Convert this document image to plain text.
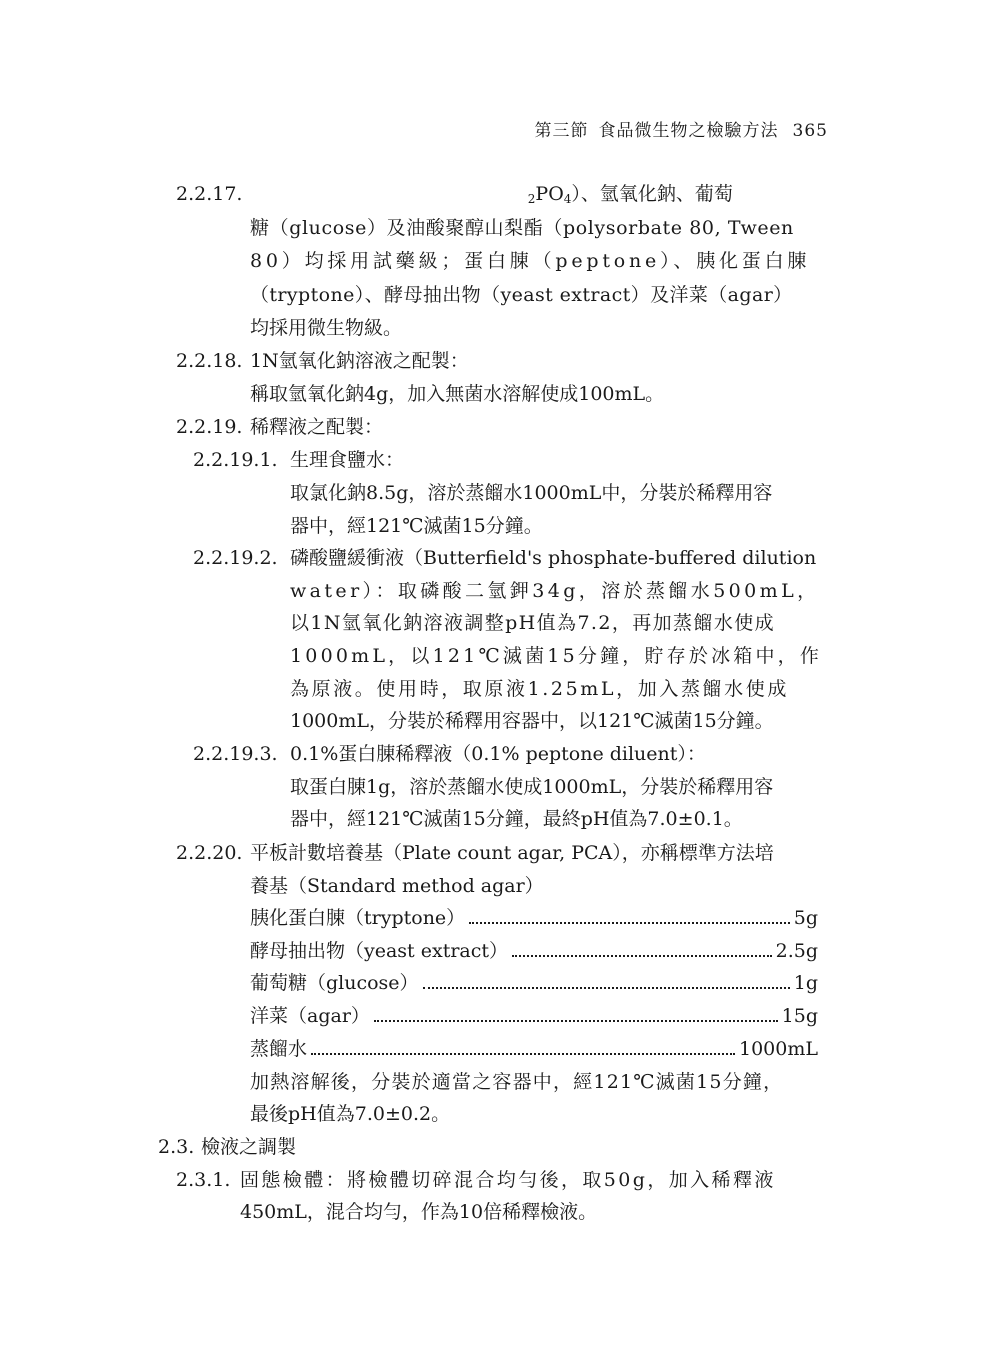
第三節 食品微生物之檢驗方法 365
2.2.17.	$_2PO_4$）、氫氧化鈉、葡萄
糖（glucose）及油酸聚醇山梨酯（polysorbate 80, Tween
80）均採用試藥級；蛋白腖（peptone）、胰化蛋白腖
（tryptone）、酵母抽出物（yeast extract）及洋菜（agar）
均採用微生物級。
2.2.18. 1N氫氧化鈉溶液之配製：
稱取氫氧化鈉4g，加入無菌水溶解使成100mL。
2.2.19. 稀釋液之配製：
2.2.19.1. 生理食鹽水：
取氯化鈉8.5g，溶於蒸餾水1000mL中，分裝於稀釋用容
器中，經121℃滅菌15分鐘。
2.2.19.2. 磷酸鹽緩衝液（Butterfield's phosphate-buffered dilution
water）：取磷酸二氫鉀34g，溶於蒸餾水500mL，
以1N氫氧化鈉溶液調整pH值為7.2，再加蒸餾水使成
1000mL，以121℃滅菌15分鐘，貯存於冰箱中，作
為原液。使用時，取原液1.25mL，加入蒸餾水使成
1000mL，分裝於稀釋用容器中，以121℃滅菌15分鐘。
2.2.19.3. 0.1%蛋白腖稀釋液（0.1% peptone diluent）：
取蛋白腖1g，溶於蒸餾水使成1000mL，分裝於稀釋用容
器中，經121℃滅菌15分鐘，最終pH值為7.0±0.1。
2.2.20. 平板計數培養基（Plate count agar, PCA），亦稱標準方法培
養基（Standard method agar）
胰化蛋白腖（tryptone）	5g
酵母抽出物（yeast extract）	2.5g
葡萄糖（glucose）	1g
洋菜（agar）	15g
蒸餾水	1000mL
加熱溶解後，分裝於適當之容器中，經121℃滅菌15分鐘，
最後pH值為7.0±0.2。
2.3. 檢液之調製
2.3.1. 固態檢體：將檢體切碎混合均勻後，取50g，加入稀釋液
450mL，混合均勻，作為10倍稀釋檢液。
